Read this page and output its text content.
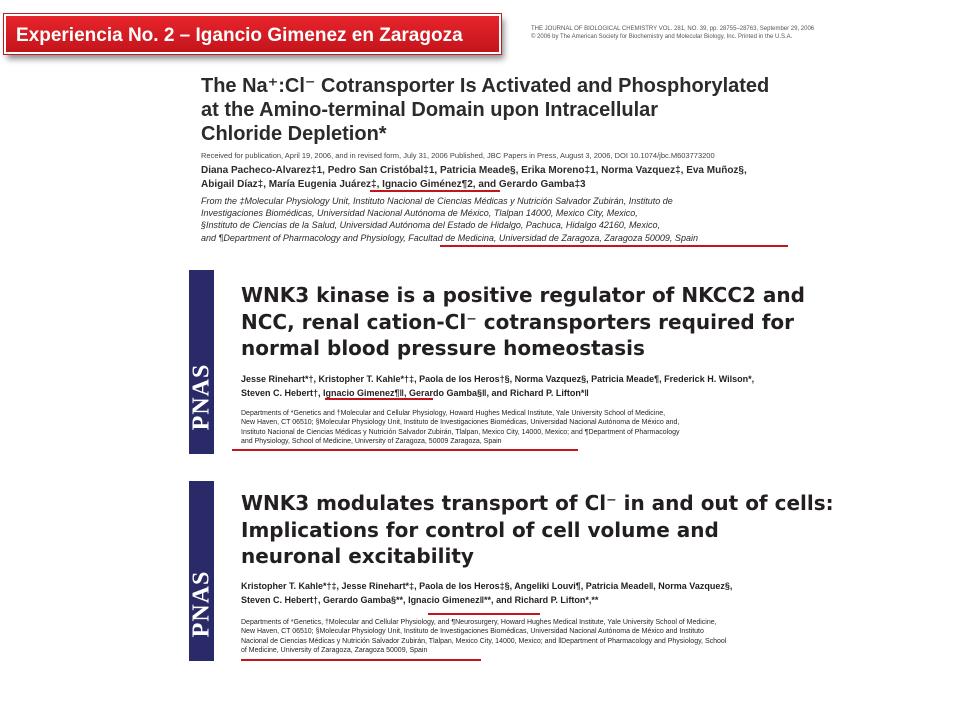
Experiencia No. 2 – Igancio Gimenez en Zaragoza	THE JOURNAL OF BIOLOGICAL CHEMISTRY VOL. 281, NO. 39, pp. 28755–28763, September 29, 2006
© 2006 by The American Society for Biochemistry and Molecular Biology, Inc. Printed in the U.S.A.
The Na⁺:Cl⁻ Cotransporter Is Activated and Phosphorylated
at the Amino-terminal Domain upon Intracellular
Chloride Depletion*
Received for publication, April 19, 2006, and in revised form, July 31, 2006 Published, JBC Papers in Press, August 3, 2006, DOI 10.1074/jbc.M603773200
Diana Pacheco-Alvarez‡1, Pedro San Cristóbal‡1, Patricia Meade§, Erika Moreno‡1, Norma Vazquez‡, Eva Muñoz§,
Abigail Díaz‡, María Eugenia Juárez‡, Ignacio Giménez¶2, and Gerardo Gamba‡3
From the ‡Molecular Physiology Unit, Instituto Nacional de Ciencias Médicas y Nutrición Salvador Zubirán, Instituto de
Investigaciones Biomédicas, Universidad Nacional Autónoma de México, Tlalpan 14000, Mexico City, Mexico,
§Instituto de Ciencias de la Salud, Universidad Autónoma del Estado de Hidalgo, Pachuca, Hidalgo 42160, Mexico,
and ¶Department of Pharmacology and Physiology, Facultad de Medicina, Universidad de Zaragoza, Zaragoza 50009, Spain
PNAS
WNK3 kinase is a positive regulator of NKCC2 and
NCC, renal cation-Cl⁻ cotransporters required for
normal blood pressure homeostasis
Jesse Rinehart*†, Kristopher T. Kahle*†‡, Paola de los Heros†§, Norma Vazquez§, Patricia Meade¶, Frederick H. Wilson*,
Steven C. Hebert†, Ignacio Gimenez¶‖, Gerardo Gamba§‖, and Richard P. Lifton*‖
Departments of *Genetics and †Molecular and Cellular Physiology, Howard Hughes Medical Institute, Yale University School of Medicine,
New Haven, CT 06510; §Molecular Physiology Unit, Instituto de Investigaciones Biomédicas, Universidad Nacional Autónoma de México and,
Instituto Nacional de Ciencias Médicas y Nutrición Salvador Zubirán, Tlalpan, Mexico City, 14000, Mexico; and ¶Department of Pharmacology
and Physiology, School of Medicine, University of Zaragoza, 50009 Zaragoza, Spain
PNAS
WNK3 modulates transport of Cl⁻ in and out of cells:
Implications for control of cell volume and
neuronal excitability
Kristopher T. Kahle*†‡, Jesse Rinehart*‡, Paola de los Heros‡§, Angeliki Louvi¶, Patricia Meade‖, Norma Vazquez§,
Steven C. Hebert†, Gerardo Gamba§**, Ignacio Gimenez‖**, and Richard P. Lifton*,**
Departments of *Genetics, †Molecular and Cellular Physiology, and ¶Neurosurgery, Howard Hughes Medical Institute, Yale University School of Medicine,
New Haven, CT 06510; §Molecular Physiology Unit, Instituto de Investigaciones Biomédicas, Universidad Nacional Autónoma de México and Instituto
Nacional de Ciencias Médicas y Nutrición Salvador Zubirán, Tlalpan, Mexico City, 14000, Mexico; and ‖Department of Pharmacology and Physiology, School
of Medicine, University of Zaragoza, Zaragoza 50009, Spain
